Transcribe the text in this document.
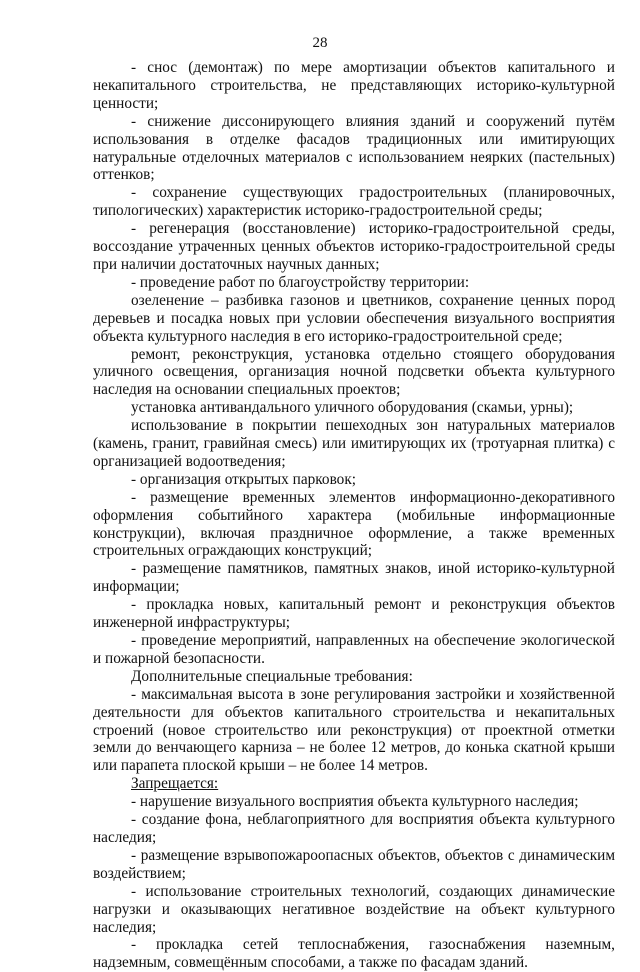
28

- снос (демонтаж) по мере амортизации объектов капитального и некапитального строительства, не представляющих историко-культурной ценности;

- снижение диссонирующего влияния зданий и сооружений путём использования в отделке фасадов традиционных или имитирующих натуральные отделочных материалов с использованием неярких (пастельных) оттенков;

- сохранение существующих градостроительных (планировочных, типологических) характеристик историко-градостроительной среды;

- регенерация (восстановление) историко-градостроительной среды, воссоздание утраченных ценных объектов историко-градостроительной среды при наличии достаточных научных данных;

- проведение работ по благоустройству территории:

озеленение – разбивка газонов и цветников, сохранение ценных пород деревьев и посадка новых при условии обеспечения визуального восприятия объекта культурного наследия в его историко-градостроительной среде;

ремонт, реконструкция, установка отдельно стоящего оборудования уличного освещения, организация ночной подсветки объекта культурного наследия на основании специальных проектов;

установка антивандального уличного оборудования (скамьи, урны);

использование в покрытии пешеходных зон натуральных материалов (камень, гранит, гравийная смесь) или имитирующих их (тротуарная плитка) с организацией водоотведения;

- организация открытых парковок;

- размещение временных элементов информационно-декоративного оформления событийного характера (мобильные информационные конструкции), включая праздничное оформление, а также временных строительных ограждающих конструкций;

- размещение памятников, памятных знаков, иной историко-культурной информации;

- прокладка новых, капитальный ремонт и реконструкция объектов инженерной инфраструктуры;

- проведение мероприятий, направленных на обеспечение экологической и пожарной безопасности.

Дополнительные специальные требования:

- максимальная высота в зоне регулирования застройки и хозяйственной деятельности для объектов капитального строительства и некапитальных строений (новое строительство или реконструкция) от проектной отметки земли до венчающего карниза – не более 12 метров, до конька скатной крыши или парапета плоской крыши – не более 14 метров.

Запрещается:

- нарушение визуального восприятия объекта культурного наследия;

- создание фона, неблагоприятного для восприятия объекта культурного наследия;

- размещение взрывопожароопасных объектов, объектов с динамическим воздействием;

- использование строительных технологий, создающих динамические нагрузки и оказывающих негативное воздействие на объект культурного наследия;

- прокладка сетей теплоснабжения, газоснабжения наземным, надземным, совмещённым способами, а также по фасадам зданий.
